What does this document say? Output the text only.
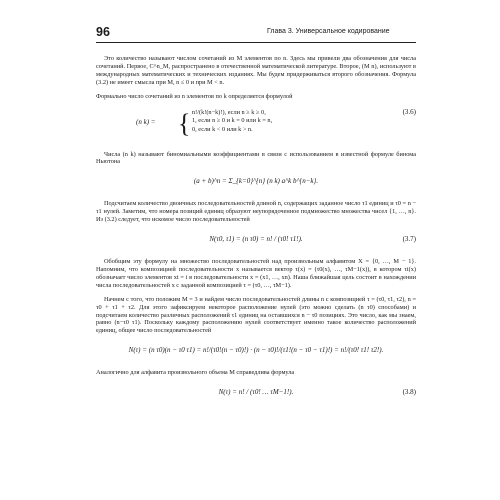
96	Глава 3. Универсальное кодирование

Это количество называют числом сочетаний из M элементов по n. Здесь мы привели два обозначения для числа сочетаний. Первое, C^n_M, распространено в отечественной математической литературе. Второе, (M n), используют в международных математических и технических изданиях. Мы будем придерживаться второго обозначения. Формула (3.2) не имеет смысла при M, n ≤ 0 и при M < n.

Формально число сочетаний из n элементов по k определяется формулой

(n k) = { n!/(k!(n−k)!), если n ≥ k ≥ 0,
1, если n ≥ 0 и k = 0 или k = n,
0, если k < 0 или k > n.
(3.6)

Числа (n k) называют биномиальными коэффициентами в связи с использованием в известной формуле бинома Ньютона

(a + b)^n = Σ_{k=0}^{n} (n k) a^k b^{n−k}.

Подсчитаем количество двоичных последовательностей длиной n, содержащих заданное число τ1 единиц и τ0 = n − τ1 нулей. Заметим, что номера позиций единиц образуют неупорядоченное подмножество множества чисел {1, …, n}. Из (3.2) следует, что искомое число последовательностей

N(τ0, τ1) = (n τ0) = n! / (τ0! τ1!).	(3.7)

Обобщим эту формулу на множество последовательностей над произвольным алфавитом X = {0, …, M − 1}. Напомним, что композицией последовательности x называется вектор τ(x) = (τ0(x), …, τM−1(x)), в котором τi(x) обозначает число элементов xt = i в последовательности x = (x1, …, xn). Наша ближайшая цель состоит в нахождении числа последовательностей x с заданной композицией τ = (τ0, …, τM−1).

Начнем с того, что положим M = 3 и найдем число последовательностей длины n с композицией τ = (τ0, τ1, τ2), n = τ0 + τ1 + τ2. Для этого зафиксируем некоторое расположение нулей (это можно сделать (n τ0) способами) и подсчитаем количество различных расположений τ1 единиц на оставшихся n − τ0 позициях. Это число, как мы знаем, равно (n−τ0 τ1). Поскольку каждому расположению нулей соответствует именно такое количество расположений единиц, общее число последовательностей

N(τ) = (n τ0)(n − τ0 τ1) = n!/(τ0!(n − τ0)!) · (n − τ0)!/(τ1!(n − τ0 − τ1)!) = n!/(τ0! τ1! τ2!).

Аналогично для алфавита произвольного объема M справедлива формула

N(τ) = n! / (τ0! … τM−1!).	(3.8)
